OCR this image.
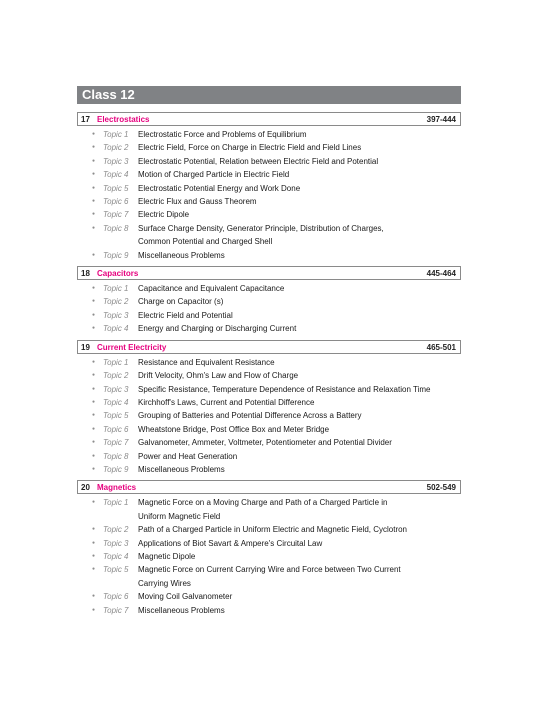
Class 12
17 Electrostatics	397-444
● Topic 1 Electrostatic Force and Problems of Equilibrium
● Topic 2 Electric Field, Force on Charge in Electric Field and Field Lines
● Topic 3 Electrostatic Potential, Relation between Electric Field and Potential
● Topic 4 Motion of Charged Particle in Electric Field
● Topic 5 Electrostatic Potential Energy and Work Done
● Topic 6 Electric Flux and Gauss Theorem
● Topic 7 Electric Dipole
● Topic 8 Surface Charge Density, Generator Principle, Distribution of Charges,
Common Potential and Charged Shell
● Topic 9 Miscellaneous Problems
18 Capacitors	445-464
● Topic 1 Capacitance and Equivalent Capacitance
● Topic 2 Charge on Capacitor (s)
● Topic 3 Electric Field and Potential
● Topic 4 Energy and Charging or Discharging Current
19 Current Electricity	465-501
● Topic 1 Resistance and Equivalent Resistance
● Topic 2 Drift Velocity, Ohm's Law and Flow of Charge
● Topic 3 Specific Resistance, Temperature Dependence of Resistance and Relaxation Time
● Topic 4 Kirchhoff's Laws, Current and Potential Difference
● Topic 5 Grouping of Batteries and Potential Difference Across a Battery
● Topic 6 Wheatstone Bridge, Post Office Box and Meter Bridge
● Topic 7 Galvanometer, Ammeter, Voltmeter, Potentiometer and Potential Divider
● Topic 8 Power and Heat Generation
● Topic 9 Miscellaneous Problems
20 Magnetics	502-549
● Topic 1 Magnetic Force on a Moving Charge and Path of a Charged Particle in
Uniform Magnetic Field
● Topic 2 Path of a Charged Particle in Uniform Electric and Magnetic Field, Cyclotron
● Topic 3 Applications of Biot Savart & Ampere's Circuital Law
● Topic 4 Magnetic Dipole
● Topic 5 Magnetic Force on Current Carrying Wire and Force between Two Current
Carrying Wires
● Topic 6 Moving Coil Galvanometer
● Topic 7 Miscellaneous Problems
